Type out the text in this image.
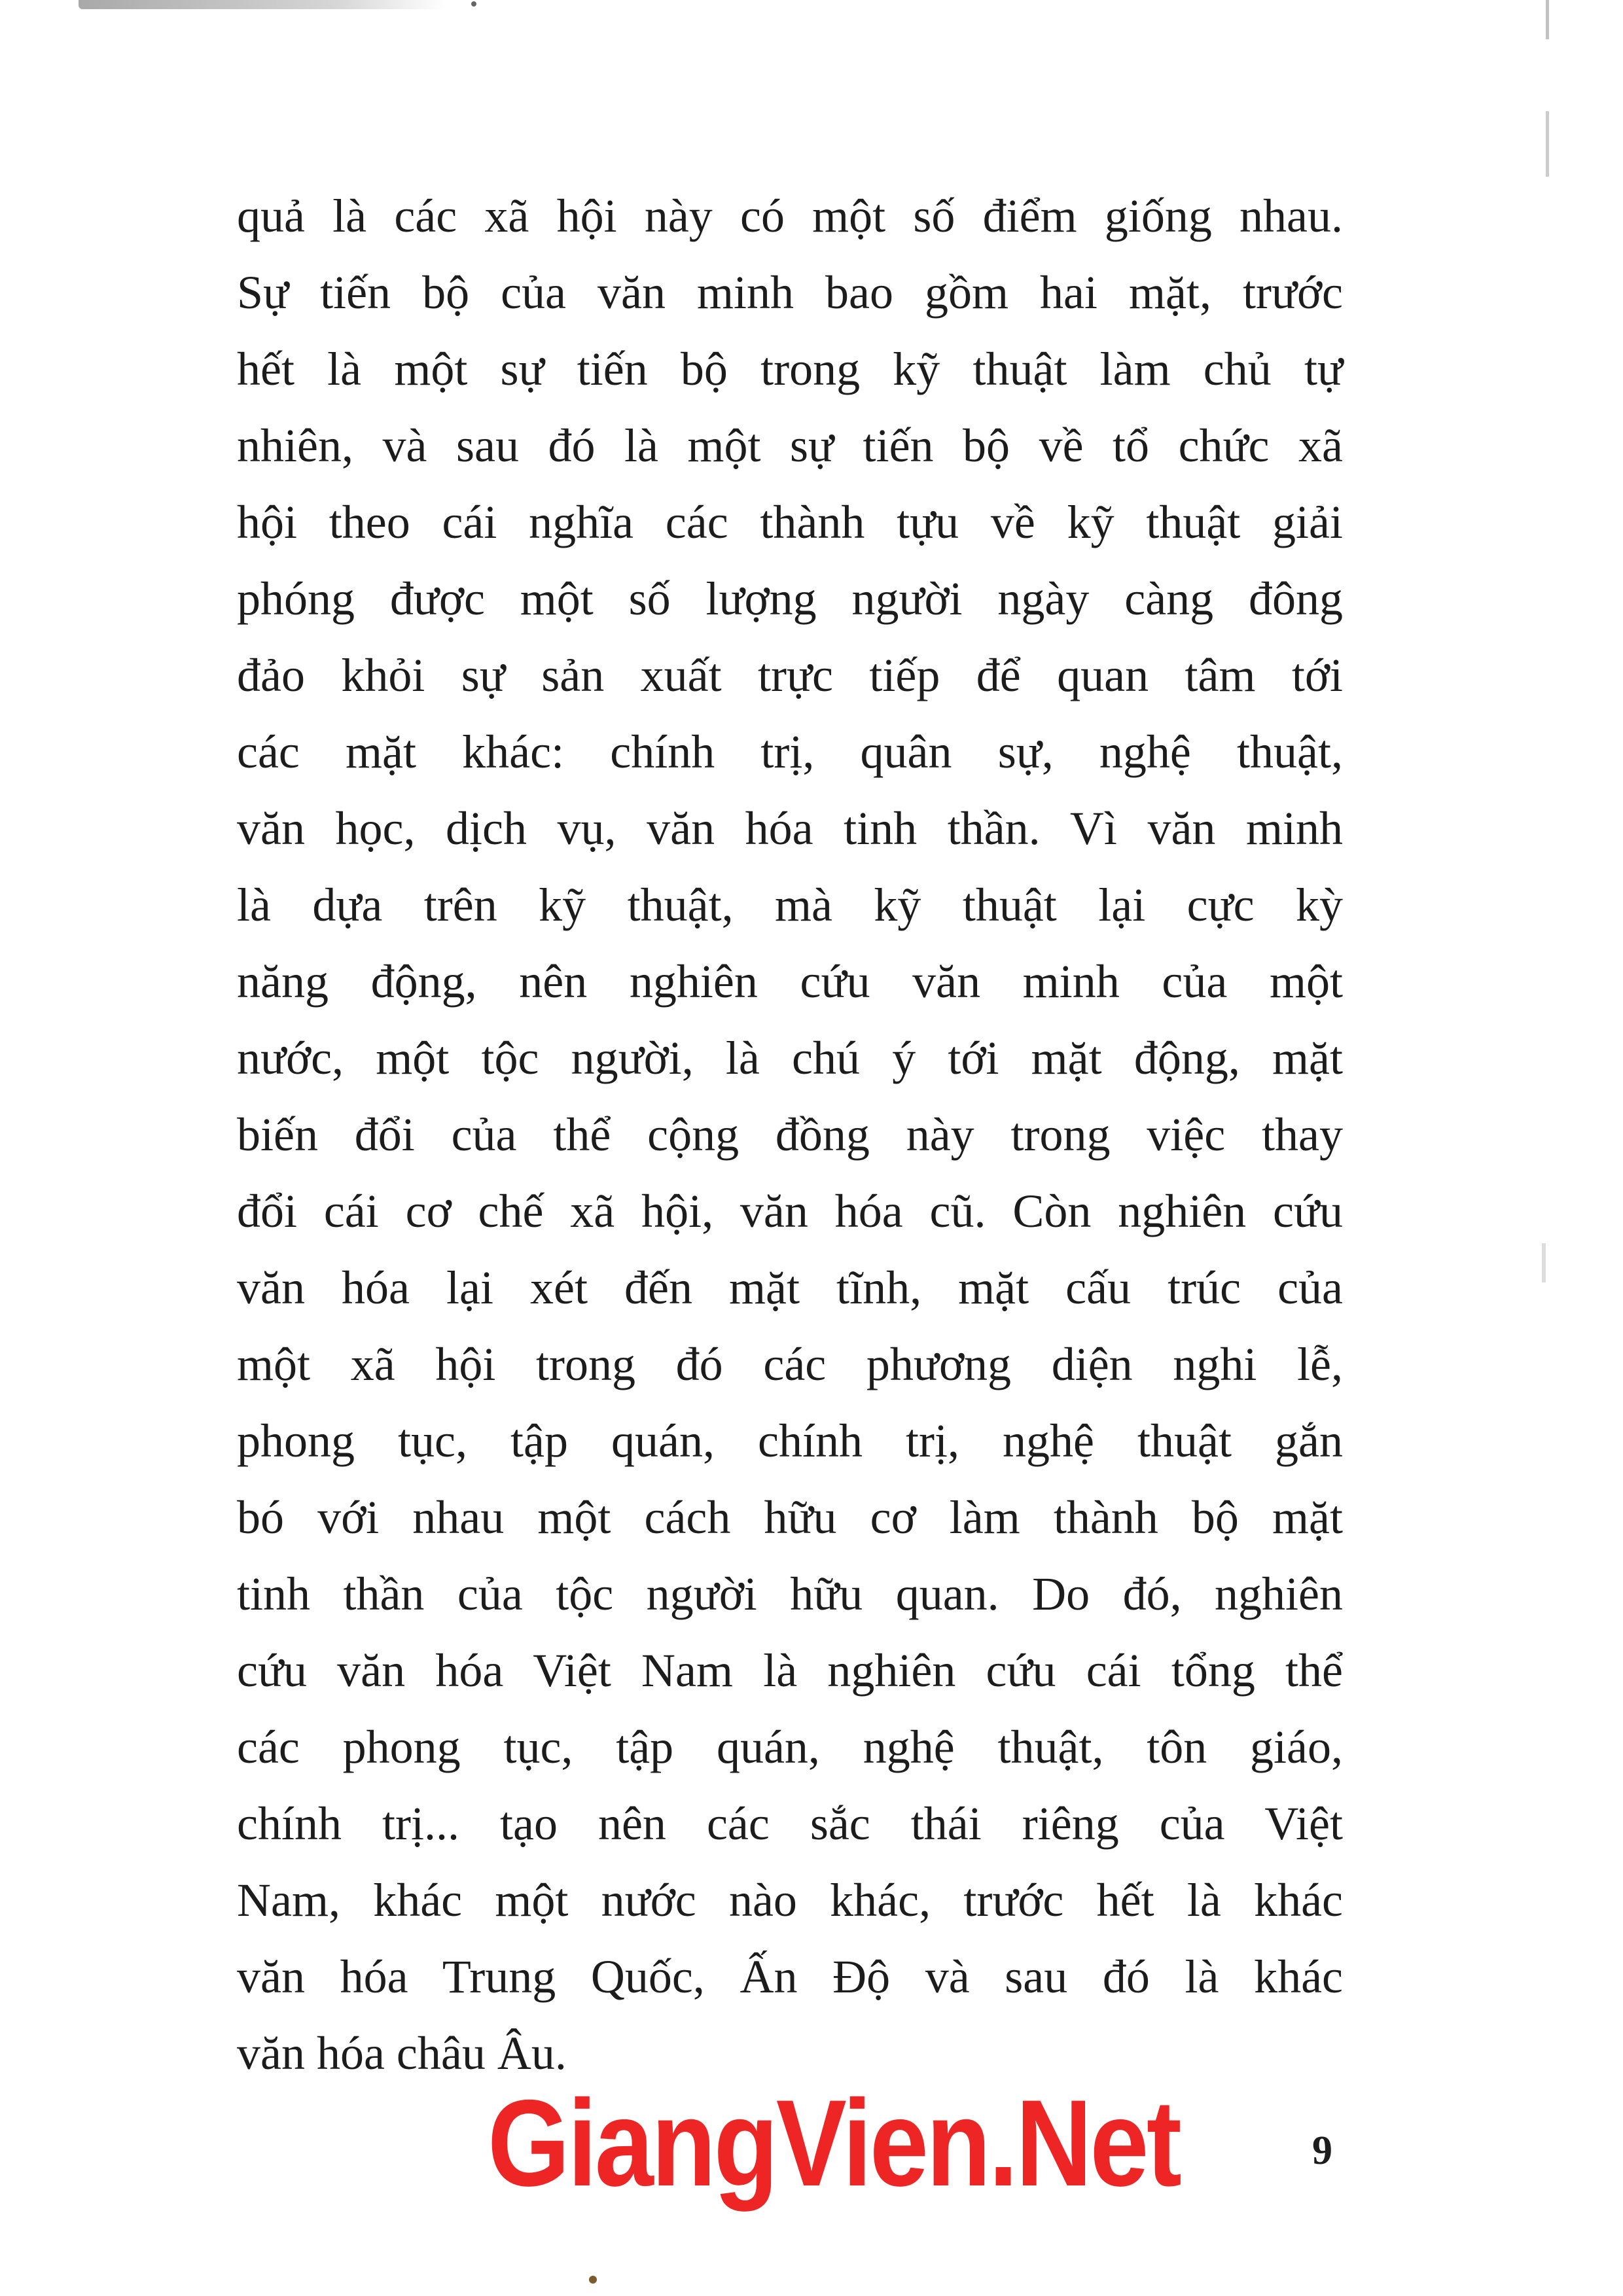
quả là các xã hội này có một số điểm giống nhau.
Sự tiến bộ của văn minh bao gồm hai mặt, trước
hết là một sự tiến bộ trong kỹ thuật làm chủ tự
nhiên, và sau đó là một sự tiến bộ về tổ chức xã
hội theo cái nghĩa các thành tựu về kỹ thuật giải
phóng được một số lượng người ngày càng đông
đảo khỏi sự sản xuất trực tiếp để quan tâm tới
các mặt khác: chính trị, quân sự, nghệ thuật,
văn học, dịch vụ, văn hóa tinh thần. Vì văn minh
là dựa trên kỹ thuật, mà kỹ thuật lại cực kỳ
năng động, nên nghiên cứu văn minh của một
nước, một tộc người, là chú ý tới mặt động, mặt
biến đổi của thể cộng đồng này trong việc thay
đổi cái cơ chế xã hội, văn hóa cũ. Còn nghiên cứu
văn hóa lại xét đến mặt tĩnh, mặt cấu trúc của
một xã hội trong đó các phương diện nghi lễ,
phong tục, tập quán, chính trị, nghệ thuật gắn
bó với nhau một cách hữu cơ làm thành bộ mặt
tinh thần của tộc người hữu quan. Do đó, nghiên
cứu văn hóa Việt Nam là nghiên cứu cái tổng thể
các phong tục, tập quán, nghệ thuật, tôn giáo,
chính trị... tạo nên các sắc thái riêng của Việt
Nam, khác một nước nào khác, trước hết là khác
văn hóa Trung Quốc, Ấn Độ và sau đó là khác
văn hóa châu Âu.
GiangVien.Net	9
